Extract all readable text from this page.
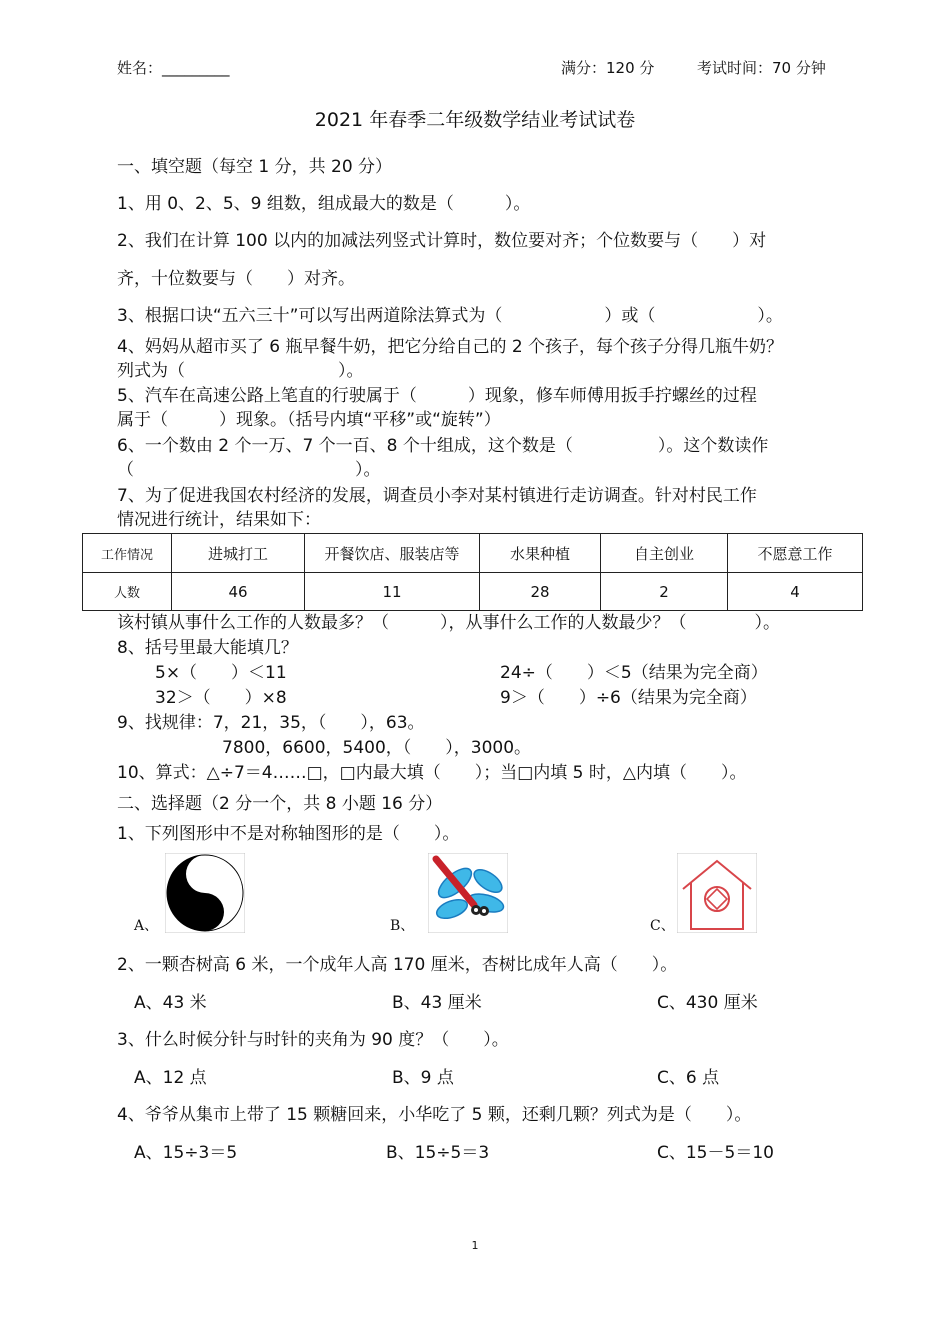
姓名：_________	满分：120 分	考试时间：70 分钟
2021 年春季二年级数学结业考试试卷
一、填空题（每空 1 分，共 20 分）
1、用 0、2、5、9 组数，组成最大的数是（　　　）。
2、我们在计算 100 以内的加减法列竖式计算时，数位要对齐；个位数要与（　　）对
齐，十位数要与（　　）对齐。
3、根据口诀“五六三十”可以写出两道除法算式为（　　　　　　）或（　　　　　　）。
4、妈妈从超市买了 6 瓶早餐牛奶，把它分给自己的 2 个孩子，每个孩子分得几瓶牛奶？
列式为（　　　　　　　　　）。
5、汽车在高速公路上笔直的行驶属于（　　　）现象，修车师傅用扳手拧螺丝的过程
属于（　　　）现象。（括号内填“平移”或“旋转”）
6、一个数由 2 个一万、7 个一百、8 个十组成，这个数是（　　　　　）。这个数读作
（　　　　　　　　　　　　　）。
7、为了促进我国农村经济的发展，调查员小李对某村镇进行走访调查。针对村民工作
情况进行统计，结果如下：
工作情况	进城打工	开餐饮店、服装店等	水果种植	自主创业	不愿意工作
人数	46	11	28	2	4
该村镇从事什么工作的人数最多？（　　　），从事什么工作的人数最少？（　　　　）。
8、括号里最大能填几？
5×（　　）＜11	24÷（　　）＜5（结果为完全商）
32＞（　　）×8	9＞（　　）÷6（结果为完全商）
9、找规律：7，21，35，（　　），63。
7800，6600，5400，（　　），3000。
10、算式：△÷7＝4……□，□内最大填（　　）；当□内填 5 时，△内填（　　）。
二、选择题（2 分一个，共 8 小题 16 分）
1、下列图形中不是对称轴图形的是（　　）。
A、	B、	C、
2、一颗杏树高 6 米，一个成年人高 170 厘米，杏树比成年人高（　　）。
A、43 米	B、43 厘米	C、430 厘米
3、什么时候分针与时针的夹角为 90 度？（　　）。
A、12 点	B、9 点	C、6 点
4、爷爷从集市上带了 15 颗糖回来，小华吃了 5 颗，还剩几颗？列式为是（　　）。
A、15÷3＝5	B、15÷5＝3	C、15－5＝10
1
